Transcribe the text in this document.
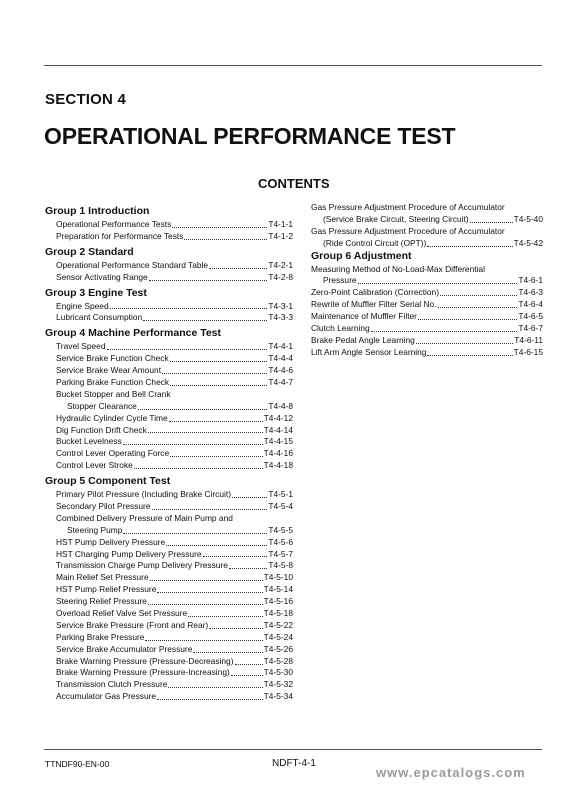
SECTION 4
OPERATIONAL PERFORMANCE TEST
CONTENTS
Group 1 Introduction
Operational Performance Tests	T4-1-1
Preparation for Performance Tests	T4-1-2
Group 2 Standard
Operational Performance Standard Table	T4-2-1
Sensor Activating Range	T4-2-8
Group 3 Engine Test
Engine Speed	T4-3-1
Lubricant Consumption	T4-3-3
Group 4 Machine Performance Test
Travel Speed	T4-4-1
Service Brake Function Check	T4-4-4
Service Brake Wear Amount	T4-4-6
Parking Brake Function Check	T4-4-7
Bucket Stopper and Bell Crank
Stopper Clearance	T4-4-8
Hydraulic Cylinder Cycle Time	T4-4-12
Dig Function Drift Check	T4-4-14
Bucket Levelness	T4-4-15
Control Lever Operating Force	T4-4-16
Control Lever Stroke	T4-4-18
Group 5 Component Test
Primary Pilot Pressure (Including Brake Circuit)	T4-5-1
Secondary Pilot Pressure	T4-5-4
Combined Delivery Pressure of Main Pump and
Steering Pump	T4-5-5
HST Pump Delivery Pressure	T4-5-6
HST Charging Pump Delivery Pressure	T4-5-7
Transmission Charge Pump Delivery Pressure	T4-5-8
Main Relief Set Pressure	T4-5-10
HST Pump Relief Pressure	T4-5-14
Steering Relief Pressure	T4-5-16
Overload Relief Valve Set Pressure	T4-5-18
Service Brake Pressure (Front and Rear)	T4-5-22
Parking Brake Pressure	T4-5-24
Service Brake Accumulator Pressure	T4-5-26
Brake Warning Pressure (Pressure-Decreasing)	T4-5-28
Brake Warning Pressure (Pressure-Increasing)	T4-5-30
Transmission Clutch Pressure	T4-5-32
Accumulator Gas Pressure	T4-5-34
Gas Pressure Adjustment Procedure of Accumulator
(Service Brake Circuit, Steering Circuit)	T4-5-40
Gas Pressure Adjustment Procedure of Accumulator
(Ride Control Circuit (OPT))	T4-5-42
Group 6 Adjustment
Measuring Method of No-Load-Max Differential
Pressure	T4-6-1
Zero-Point Calibration (Correction)	T4-6-3
Rewrite of Muffler Filter Serial No.	T4-6-4
Maintenance of Muffler Filter	T4-6-5
Clutch Learning	T4-6-7
Brake Pedal Angle Learning	T4-6-11
Lift Arm Angle Sensor Learning	T4-6-15
TTNDF90-EN-00	NDFT-4-1
www.epcatalogs.com
